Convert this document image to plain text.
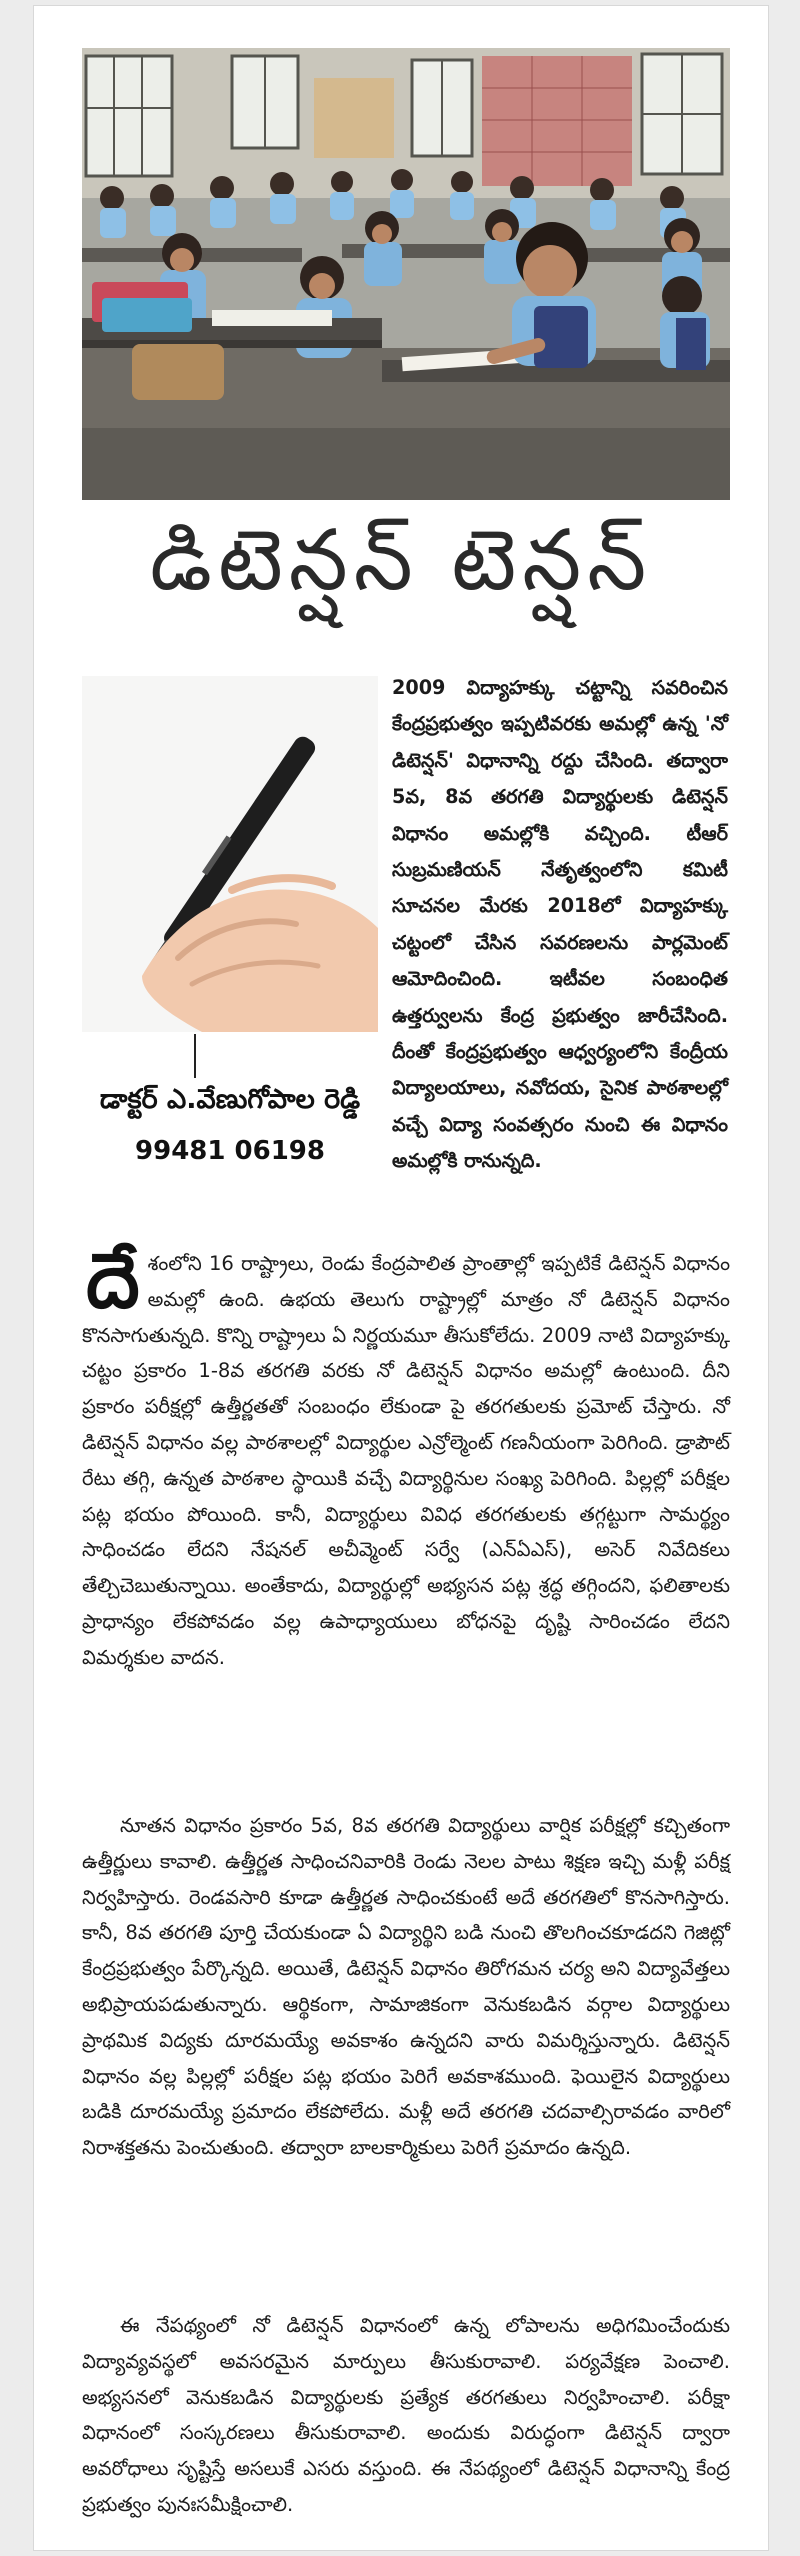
డిటెన్షన్ టెన్షన్
డాక్టర్ ఎ.వేణుగోపాల రెడ్డి
99481 06198
2009 విద్యాహక్కు చట్టాన్ని సవరించిన కేంద్రప్రభుత్వం ఇప్పటివరకు అమల్లో ఉన్న 'నో డిటెన్షన్' విధానాన్ని రద్దు చేసింది. తద్వారా 5వ, 8వ తరగతి విద్యార్థులకు డిటెన్షన్ విధానం అమల్లోకి వచ్చింది. టీఆర్ సుబ్రమణియన్ నేతృత్వంలోని కమిటీ సూచనల మేరకు 2018లో విద్యాహక్కు చట్టంలో చేసిన సవరణలను పార్లమెంట్ ఆమోదించింది. ఇటీవల సంబంధిత ఉత్తర్వులను కేంద్ర ప్రభుత్వం జారీచేసింది. దీంతో కేంద్రప్రభుత్వం ఆధ్వర్యంలోని కేంద్రీయ విద్యాలయాలు, నవోదయ, సైనిక పాఠశాలల్లో వచ్చే విద్యా సంవత్సరం నుంచి ఈ విధానం అమల్లోకి రానున్నది.
దేశంలోని 16 రాష్ట్రాలు, రెండు కేంద్రపాలిత ప్రాంతాల్లో ఇప్పటికే డిటెన్షన్ విధానం అమల్లో ఉంది. ఉభయ తెలుగు రాష్ట్రాల్లో మాత్రం నో డిటెన్షన్ విధానం కొనసాగుతున్నది. కొన్ని రాష్ట్రాలు ఏ నిర్ణయమూ తీసుకోలేదు. 2009 నాటి విద్యాహక్కు చట్టం ప్రకారం 1-8వ తరగతి వరకు నో డిటెన్షన్ విధానం అమల్లో ఉంటుంది. దీని ప్రకారం పరీక్షల్లో ఉత్తీర్ణతతో సంబంధం లేకుండా పై తరగతులకు ప్రమోట్ చేస్తారు. నో డిటెన్షన్ విధానం వల్ల పాఠశాలల్లో విద్యార్థుల ఎన్రోల్మెంట్ గణనీయంగా పెరిగింది. డ్రాపౌట్ రేటు తగ్గి, ఉన్నత పాఠశాల స్థాయికి వచ్చే విద్యార్థినుల సంఖ్య పెరిగింది. పిల్లల్లో పరీక్షల పట్ల భయం పోయింది. కానీ, విద్యార్థులు వివిధ తరగతులకు తగ్గట్టుగా సామర్థ్యం సాధించడం లేదని నేషనల్ అచీవ్మెంట్ సర్వే (ఎన్ఏఎస్), అసెర్ నివేదికలు తేల్చిచెబుతున్నాయి. అంతేకాదు, విద్యార్థుల్లో అభ్యసన పట్ల శ్రద్ధ తగ్గిందని, ఫలితాలకు ప్రాధాన్యం లేకపోవడం వల్ల ఉపాధ్యాయులు బోధనపై దృష్టి సారించడం లేదని విమర్శకుల వాదన.
నూతన విధానం ప్రకారం 5వ, 8వ తరగతి విద్యార్థులు వార్షిక పరీక్షల్లో కచ్చితంగా ఉత్తీర్ణులు కావాలి. ఉత్తీర్ణత సాధించనివారికి రెండు నెలల పాటు శిక్షణ ఇచ్చి మళ్లీ పరీక్ష నిర్వహిస్తారు. రెండవసారి కూడా ఉత్తీర్ణత సాధించకుంటే అదే తరగతిలో కొనసాగిస్తారు. కానీ, 8వ తరగతి పూర్తి చేయకుండా ఏ విద్యార్థిని బడి నుంచి తొలగించకూడదని గెజిట్లో కేంద్రప్రభుత్వం పేర్కొన్నది. అయితే, డిటెన్షన్ విధానం తిరోగమన చర్య అని విద్యావేత్తలు అభిప్రాయపడుతున్నారు. ఆర్థికంగా, సామాజికంగా వెనుకబడిన వర్గాల విద్యార్థులు ప్రాథమిక విద్యకు దూరమయ్యే అవకాశం ఉన్నదని వారు విమర్శిస్తున్నారు. డిటెన్షన్ విధానం వల్ల పిల్లల్లో పరీక్షల పట్ల భయం పెరిగే అవకాశముంది. ఫెయిలైన విద్యార్థులు బడికి దూరమయ్యే ప్రమాదం లేకపోలేదు. మళ్లీ అదే తరగతి చదవాల్సిరావడం వారిలో నిరాశక్తతను పెంచుతుంది. తద్వారా బాలకార్మికులు పెరిగే ప్రమాదం ఉన్నది.
ఈ నేపథ్యంలో నో డిటెన్షన్ విధానంలో ఉన్న లోపాలను అధిగమించేందుకు విద్యావ్యవస్థలో అవసరమైన మార్పులు తీసుకురావాలి. పర్యవేక్షణ పెంచాలి. అభ్యసనలో వెనుకబడిన విద్యార్థులకు ప్రత్యేక తరగతులు నిర్వహించాలి. పరీక్షా విధానంలో సంస్కరణలు తీసుకురావాలి. అందుకు విరుద్ధంగా డిటెన్షన్ ద్వారా అవరోధాలు సృష్టిస్తే అసలుకే ఎసరు వస్తుంది. ఈ నేపథ్యంలో డిటెన్షన్ విధానాన్ని కేంద్ర ప్రభుత్వం పునఃసమీక్షించాలి.
